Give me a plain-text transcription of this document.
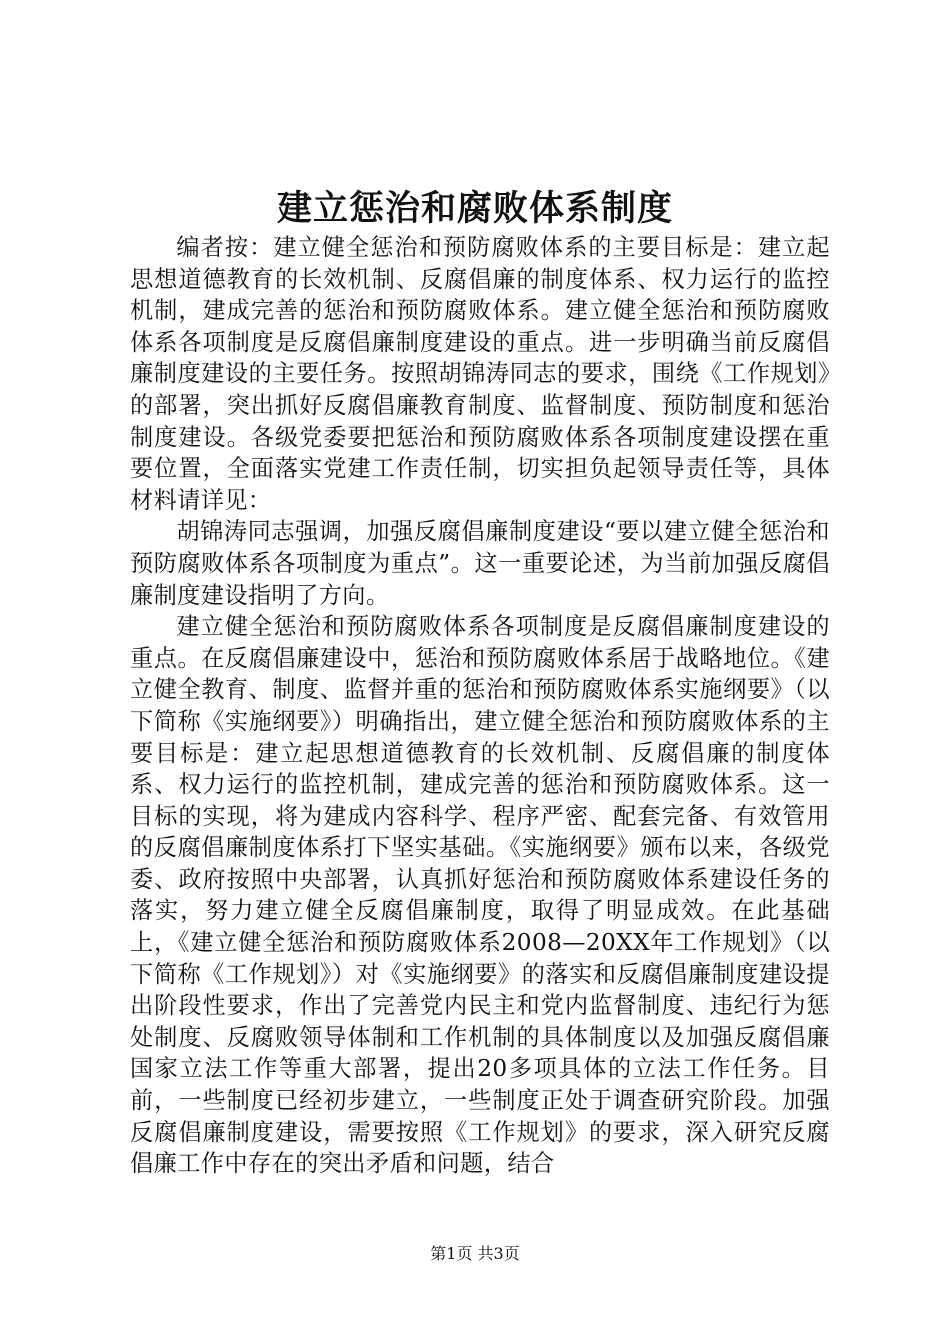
建立惩治和腐败体系制度

编者按：建立健全惩治和预防腐败体系的主要目标是：建立起思想道德教育的长效机制、反腐倡廉的制度体系、权力运行的监控机制，建成完善的惩治和预防腐败体系。建立健全惩治和预防腐败体系各项制度是反腐倡廉制度建设的重点。进一步明确当前反腐倡廉制度建设的主要任务。按照胡锦涛同志的要求，围绕《工作规划》的部署，突出抓好反腐倡廉教育制度、监督制度、预防制度和惩治制度建设。各级党委要把惩治和预防腐败体系各项制度建设摆在重要位置，全面落实党建工作责任制，切实担负起领导责任等，具体材料请详见：

胡锦涛同志强调，加强反腐倡廉制度建设“要以建立健全惩治和预防腐败体系各项制度为重点”。这一重要论述，为当前加强反腐倡廉制度建设指明了方向。

建立健全惩治和预防腐败体系各项制度是反腐倡廉制度建设的重点。在反腐倡廉建设中，惩治和预防腐败体系居于战略地位。《建立健全教育、制度、监督并重的惩治和预防腐败体系实施纲要》（以下简称《实施纲要》）明确指出，建立健全惩治和预防腐败体系的主要目标是：建立起思想道德教育的长效机制、反腐倡廉的制度体系、权力运行的监控机制，建成完善的惩治和预防腐败体系。这一目标的实现，将为建成内容科学、程序严密、配套完备、有效管用的反腐倡廉制度体系打下坚实基础。《实施纲要》颁布以来，各级党委、政府按照中央部署，认真抓好惩治和预防腐败体系建设任务的落实，努力建立健全反腐倡廉制度，取得了明显成效。在此基础上，《建立健全惩治和预防腐败体系2008—20XX年工作规划》（以下简称《工作规划》）对《实施纲要》的落实和反腐倡廉制度建设提出阶段性要求，作出了完善党内民主和党内监督制度、违纪行为惩处制度、反腐败领导体制和工作机制的具体制度以及加强反腐倡廉国家立法工作等重大部署，提出20多项具体的立法工作任务。目前，一些制度已经初步建立，一些制度正处于调查研究阶段。加强反腐倡廉制度建设，需要按照《工作规划》的要求，深入研究反腐倡廉工作中存在的突出矛盾和问题，结合

第1页 共3页
